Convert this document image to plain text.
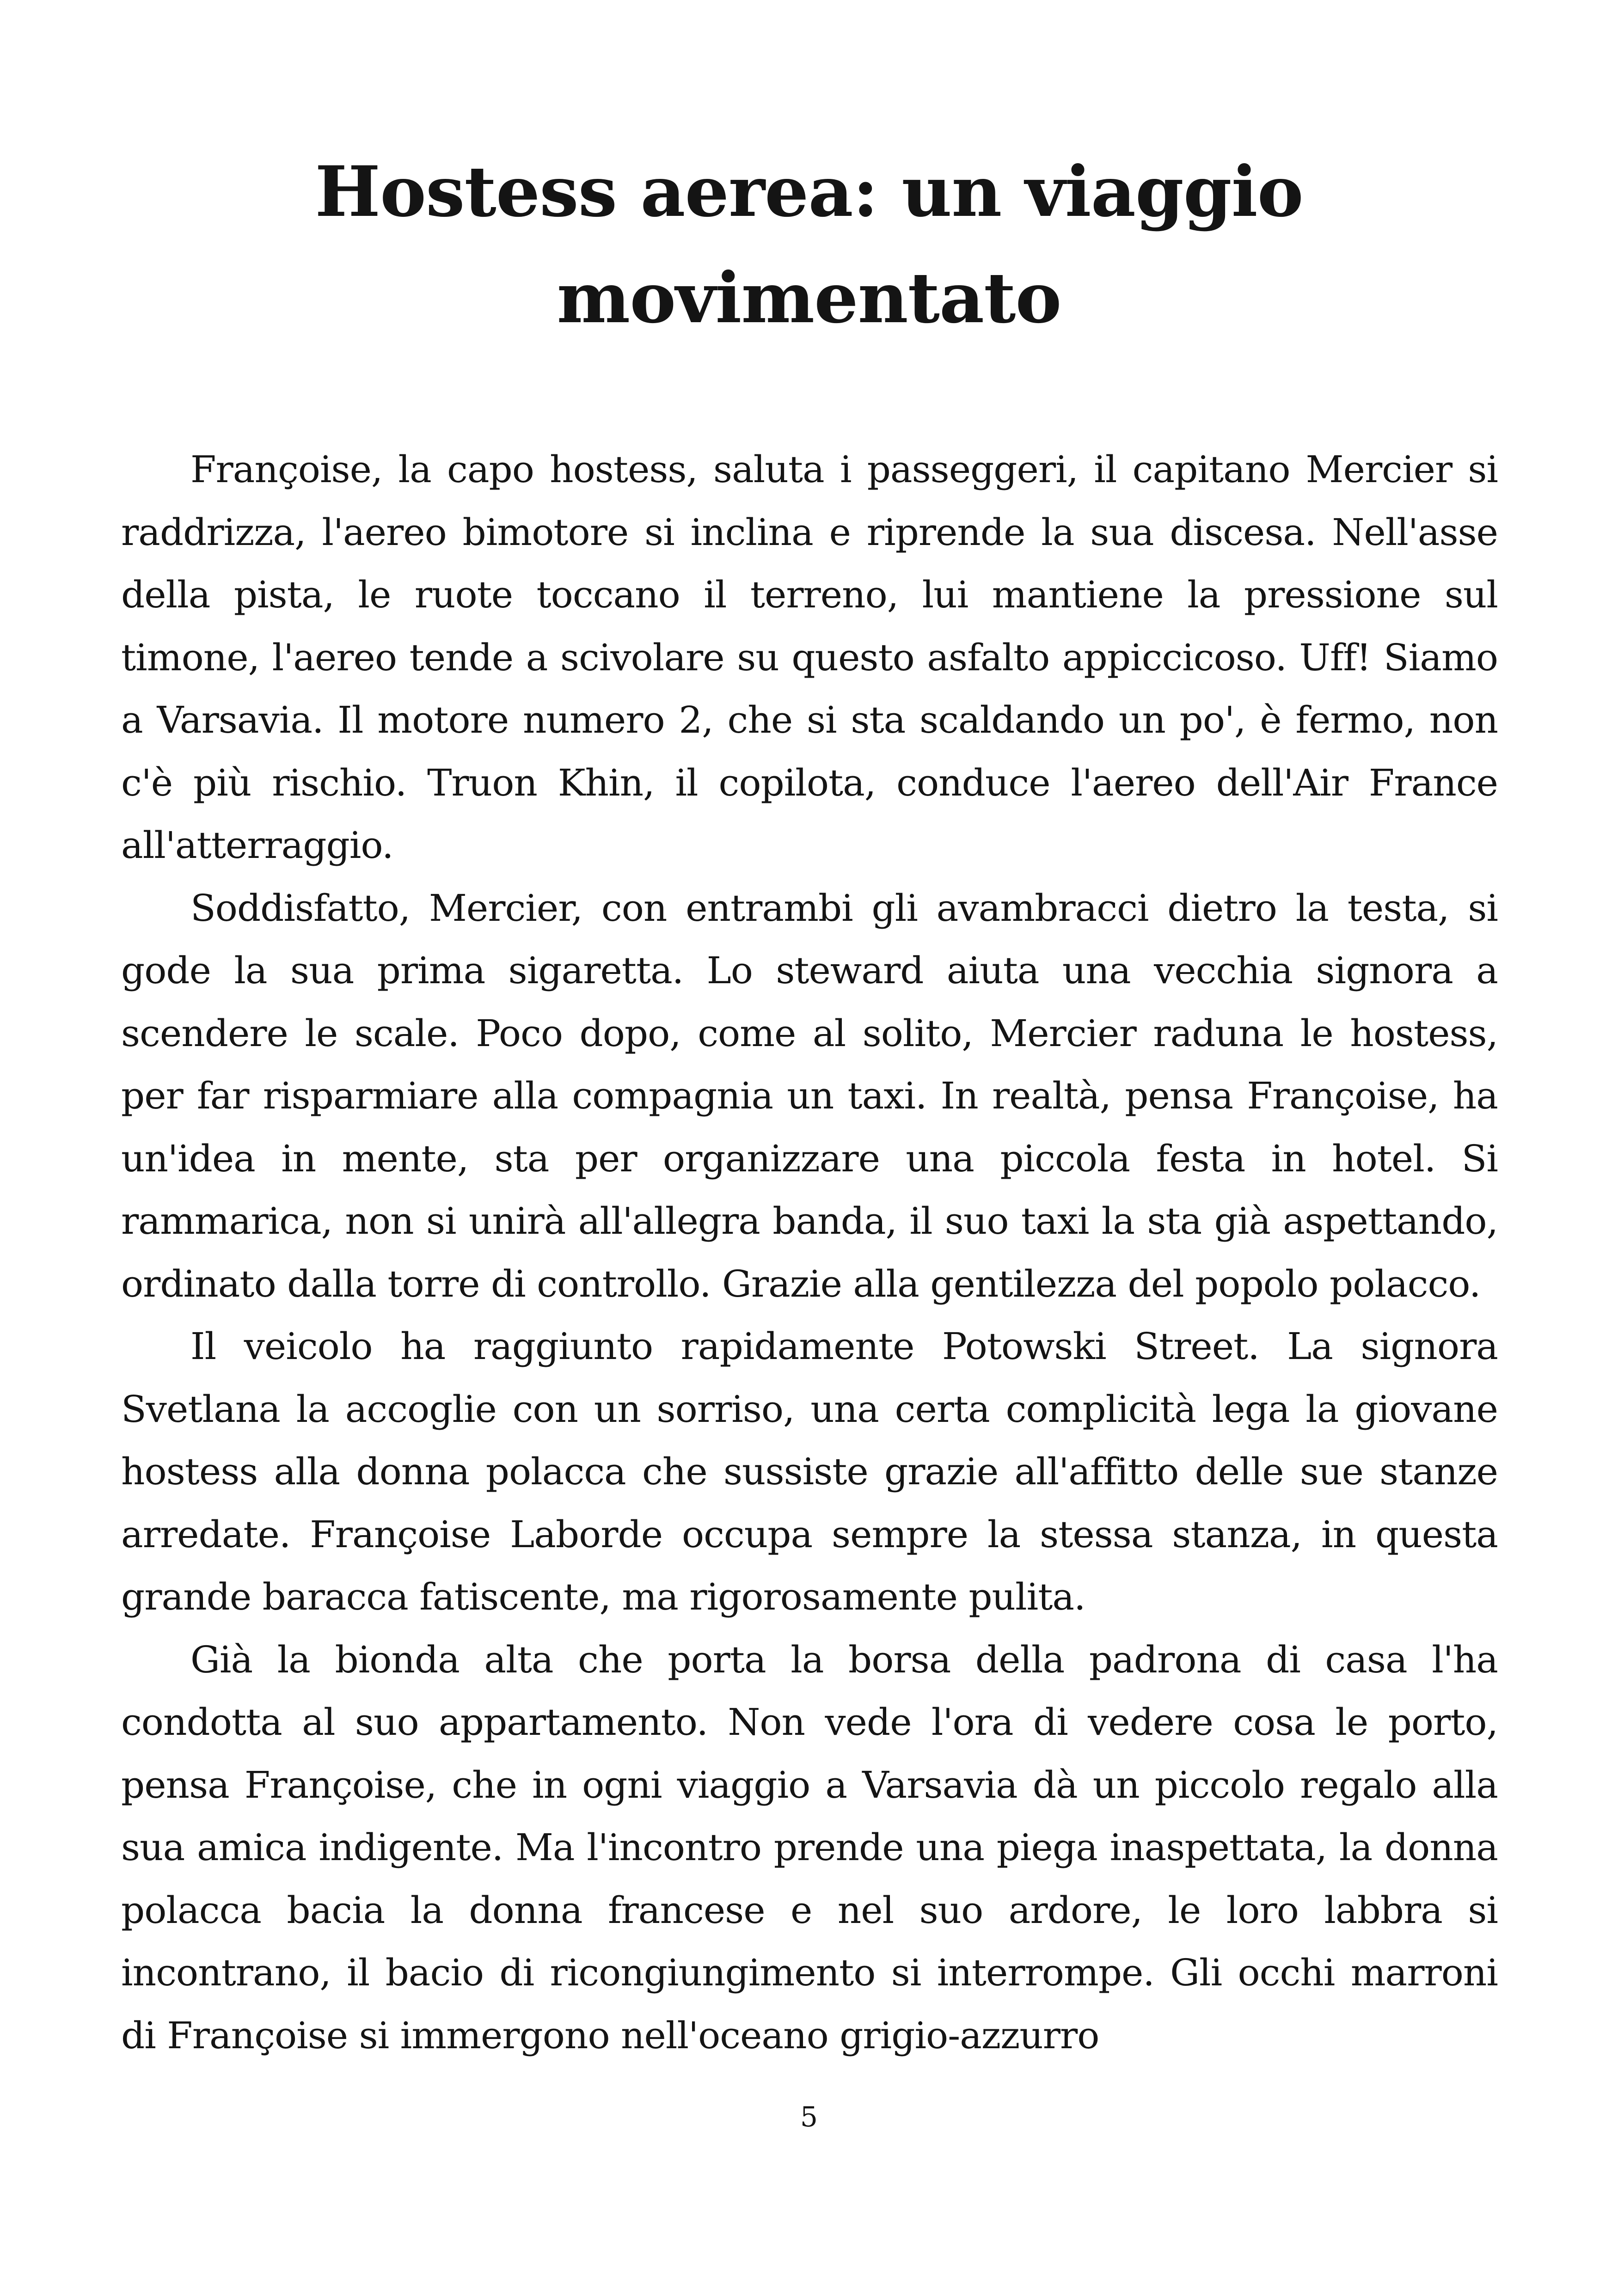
Hostess aerea: un viaggio
movimentato

Françoise, la capo hostess, saluta i passeggeri, il capitano Mercier si raddrizza, l'aereo bimotore si inclina e riprende la sua discesa. Nell'asse della pista, le ruote toccano il terreno, lui mantiene la pressione sul timone, l'aereo tende a scivolare su questo asfalto appiccicoso. Uff! Siamo a Varsavia. Il motore numero 2, che si sta scaldando un po', è fermo, non c'è più rischio. Truon Khin, il copilota, conduce l'aereo dell'Air France all'atterraggio.

Soddisfatto, Mercier, con entrambi gli avambracci dietro la testa, si gode la sua prima sigaretta. Lo steward aiuta una vecchia signora a scendere le scale. Poco dopo, come al solito, Mercier raduna le hostess, per far risparmiare alla compagnia un taxi. In realtà, pensa Françoise, ha un'idea in mente, sta per organizzare una piccola festa in hotel. Si rammarica, non si unirà all'allegra banda, il suo taxi la sta già aspettando, ordinato dalla torre di controllo. Grazie alla gentilezza del popolo polacco.

Il veicolo ha raggiunto rapidamente Potowski Street. La signora Svetlana la accoglie con un sorriso, una certa complicità lega la giovane hostess alla donna polacca che sussiste grazie all'affitto delle sue stanze arredate. Françoise Laborde occupa sempre la stessa stanza, in questa grande baracca fatiscente, ma rigorosamente pulita.

Già la bionda alta che porta la borsa della padrona di casa l'ha condotta al suo appartamento. Non vede l'ora di vedere cosa le porto, pensa Françoise, che in ogni viaggio a Varsavia dà un piccolo regalo alla sua amica indigente. Ma l'incontro prende una piega inaspettata, la donna polacca bacia la donna francese e nel suo ardore, le loro labbra si incontrano, il bacio di ricongiungimento si interrompe. Gli occhi marroni di Françoise si immergono nell'oceano grigio-azzurro

5
